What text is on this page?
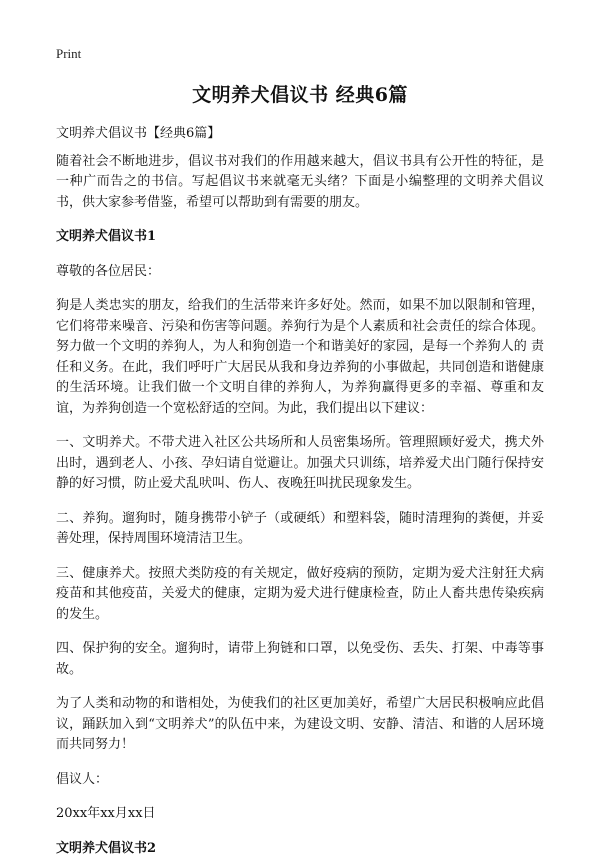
Print
文明养犬倡议书 经典6篇

文明养犬倡议书【经典6篇】

随着社会不断地进步，倡议书对我们的作用越来越大，倡议书具有公开性的特征，是一种广而告之的书信。写起倡议书来就毫无头绪？下面是小编整理的文明养犬倡议书，供大家参考借鉴，希望可以帮助到有需要的朋友。

文明养犬倡议书1

尊敬的各位居民：

狗是人类忠实的朋友，给我们的生活带来许多好处。然而，如果不加以限制和管理，它们将带来噪音、污染和伤害等问题。养狗行为是个人素质和社会责任的综合体现。努力做一个文明的养狗人，为人和狗创造一个和谐美好的家园，是每一个养狗人的 责任和义务。在此，我们呼吁广大居民从我和身边养狗的小事做起，共同创造和谐健康的生活环境。让我们做一个文明自律的养狗人，为养狗赢得更多的幸福、尊重和友谊，为养狗创造一个宽松舒适的空间。为此，我们提出以下建议：

一、文明养犬。不带犬进入社区公共场所和人员密集场所。管理照顾好爱犬，携犬外出时，遇到老人、小孩、孕妇请自觉避让。加强犬只训练，培养爱犬出门随行保持安静的好习惯，防止爱犬乱吠叫、伤人、夜晚狂叫扰民现象发生。

二、养狗。遛狗时，随身携带小铲子（或硬纸）和塑料袋，随时清理狗的粪便，并妥善处理，保持周围环境清洁卫生。

三、健康养犬。按照犬类防疫的有关规定，做好疫病的预防，定期为爱犬注射狂犬病疫苗和其他疫苗，关爱犬的健康，定期为爱犬进行健康检查，防止人畜共患传染疾病的发生。

四、保护狗的安全。遛狗时，请带上狗链和口罩，以免受伤、丢失、打架、中毒等事故。

为了人类和动物的和谐相处，为使我们的社区更加美好，希望广大居民积极响应此倡议，踊跃加入到“文明养犬”的队伍中来，为建设文明、安静、清洁、和谐的人居环境而共同努力！

倡议人：

20xx年xx月xx日

文明养犬倡议书2
